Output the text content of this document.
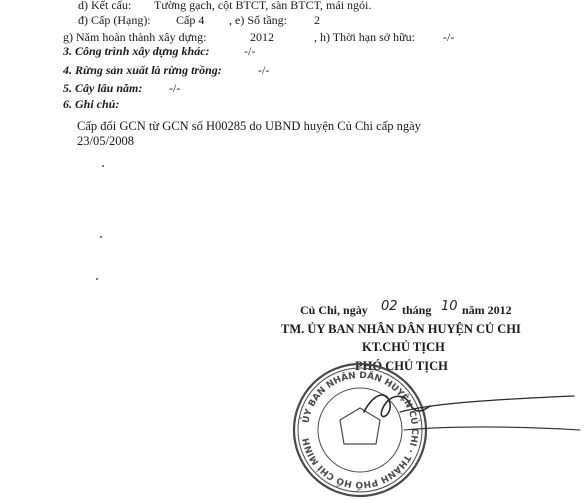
d) Kết cấu: Tường gạch, cột BTCT, sàn BTCT, mái ngói.
đ) Cấp (Hạng): Cấp 4 , e) Số tầng: 2
g) Năm hoàn thành xây dựng:	2012	, h) Thời hạn sở hữu: -/-
3. Công trình xây dựng khác:	-/-
4. Rừng sản xuất là rừng trồng:	-/-
5. Cây lâu năm: -/-
6. Ghi chú:
Cấp đổi GCN từ GCN số H00285 do UBND huyện Củ Chi cấp ngày
23/05/2008
Củ Chi, ngày 02 tháng 10 năm 2012
TM. ỦY BAN NHÂN DÂN HUYỆN CỦ CHI
KT.CHỦ TỊCH
PHÓ CHỦ TỊCH
ỦY BAN NHÂN DÂN HUYỆN CỦ CHI · THÀNH PHỐ HỒ CHÍ MINH
